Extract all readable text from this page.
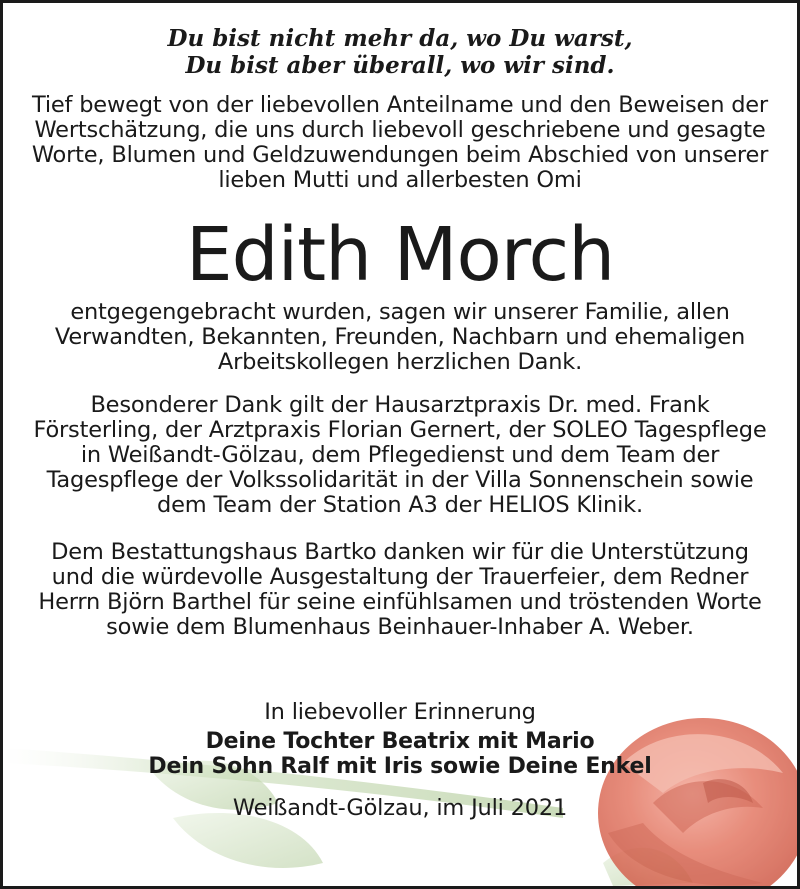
Du bist nicht mehr da, wo Du warst,
Du bist aber überall, wo wir sind.
Tief bewegt von der liebevollen Anteilname und den Beweisen der
Wertschätzung, die uns durch liebevoll geschriebene und gesagte
Worte, Blumen und Geldzuwendungen beim Abschied von unserer
lieben Mutti und allerbesten Omi
Edith Morch
entgegengebracht wurden, sagen wir unserer Familie, allen
Verwandten, Bekannten, Freunden, Nachbarn und ehemaligen
Arbeitskollegen herzlichen Dank.
Besonderer Dank gilt der Hausarztpraxis Dr. med. Frank
Försterling, der Arztpraxis Florian Gernert, der SOLEO Tagespflege
in Weißandt-Gölzau, dem Pflegedienst und dem Team der
Tagespflege der Volkssolidarität in der Villa Sonnenschein sowie
dem Team der Station A3 der HELIOS Klinik.
Dem Bestattungshaus Bartko danken wir für die Unterstützung
und die würdevolle Ausgestaltung der Trauerfeier, dem Redner
Herrn Björn Barthel für seine einfühlsamen und tröstenden Worte
sowie dem Blumenhaus Beinhauer-Inhaber A. Weber.
In liebevoller Erinnerung
Deine Tochter Beatrix mit Mario
Dein Sohn Ralf mit Iris sowie Deine Enkel
Weißandt-Gölzau, im Juli 2021
